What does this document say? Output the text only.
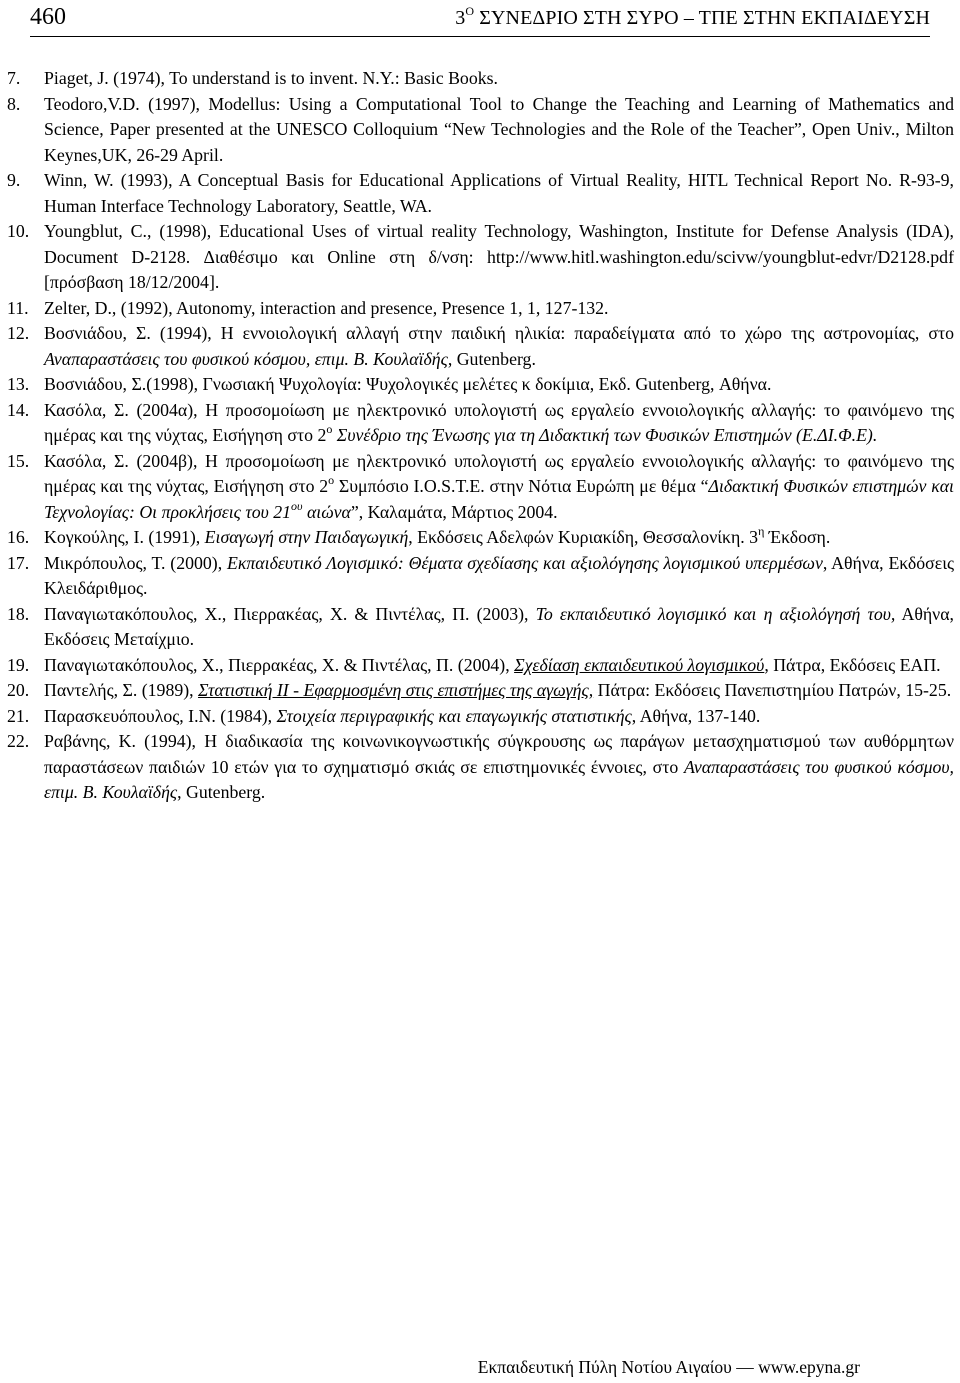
460	$3^O$ ΣΥΝΕΔΡΙΟ ΣΤΗ ΣΥΡΟ – ΤΠΕ ΣΤΗΝ ΕΚΠΑΙΔΕΥΣΗ
7.	Piaget, J. (1974), To understand is to invent. N.Y.: Basic Books.
8.	Teodoro,V.D. (1997), Modellus: Using a Computational Tool to Change the Teaching and Learning of Mathematics and Science, Paper presented at the UNESCO Colloquium “New Technologies and the Role of the Teacher”, Open Univ., Milton Keynes,UK, 26-29 April.
9.	Winn, W. (1993), A Conceptual Basis for Educational Applications of Virtual Reality, HITL Technical Report No. R-93-9, Human Interface Technology Laboratory, Seattle, WA.
10. Youngblut, C., (1998), Educational Uses of virtual reality Technology, Washington, Institute for Defense Analysis (IDA), Document D-2128. Διαθέσιμο και Online στη δ/νση: http://www.hitl.washington.edu/scivw/youngblut-edvr/D2128.pdf [πρόσβαση 18/12/2004].
11. Zelter, D., (1992), Autonomy, interaction and presence, Presence 1, 1, 127-132.
12. Βοσνιάδου, Σ. (1994), Η εννοιολογική αλλαγή στην παιδική ηλικία: παραδείγματα από το χώρο της αστρονομίας, στο Αναπαραστάσεις του φυσικού κόσμου, επιμ. Β. Κουλαϊδής, Gutenberg.
13. Βοσνιάδου, Σ.(1998), Γνωσιακή Ψυχολογία: Ψυχολογικές μελέτες κ δοκίμια, Εκδ. Gutenberg, Αθήνα.
14. Κασόλα, Σ. (2004α), Η προσομοίωση με ηλεκτρονικό υπολογιστή ως εργαλείο εννοιολογικής αλλαγής: το φαινόμενο της ημέρας και της νύχτας, Εισήγηση στο $2^o$ Συνέδριο της Ένωσης για τη Διδακτική των Φυσικών Επιστημών (Ε.ΔΙ.Φ.Ε).
15. Κασόλα, Σ. (2004β), Η προσομοίωση με ηλεκτρονικό υπολογιστή ως εργαλείο εννοιολογικής αλλαγής: το φαινόμενο της ημέρας και της νύχτας, Εισήγηση στο $2^o$ Συμπόσιο I.O.S.T.E. στην Νότια Ευρώπη με θέμα “Διδακτική Φυσικών επιστημών και Τεχνολογίας: Οι προκλήσεις του $21^{o\upsilon}$ αιώνα”, Καλαμάτα, Μάρτιος 2004.
16. Κογκούλης, Ι. (1991), Εισαγωγή στην Παιδαγωγική, Εκδόσεις Αδελφών Κυριακίδη, Θεσσαλονίκη. $3^\eta$ Έκδοση.
17. Μικρόπουλος, Τ. (2000), Εκπαιδευτικό Λογισμικό: Θέματα σχεδίασης και αξιολόγησης λογισμικού υπερμέσων, Αθήνα, Εκδόσεις Κλειδάριθμος.
18. Παναγιωτακόπουλος, Χ., Πιερρακέας, Χ. & Πιντέλας, Π. (2003), Το εκπαιδευτικό λογισμικό και η αξιολόγησή του, Αθήνα, Εκδόσεις Μεταίχμιο.
19. Παναγιωτακόπουλος, Χ., Πιερρακέας, Χ. & Πιντέλας, Π. (2004), Σχεδίαση εκπαιδευτικού λογισμικού, Πάτρα, Εκδόσεις ΕΑΠ.
20. Παντελής, Σ. (1989), Στατιστική ΙΙ - Εφαρμοσμένη στις επιστήμες της αγωγής, Πάτρα: Εκδόσεις Πανεπιστημίου Πατρών, 15-25.
21. Παρασκευόπουλος, Ι.Ν. (1984), Στοιχεία περιγραφικής και επαγωγικής στατιστικής, Αθήνα, 137-140.
22. Ραβάνης, Κ. (1994), Η διαδικασία της κοινωνικογνωστικής σύγκρουσης ως παράγων μετασχηματισμού των αυθόρμητων παραστάσεων παιδιών 10 ετών για το σχηματισμό σκιάς σε επιστημονικές έννοιες, στο Αναπαραστάσεις του φυσικού κόσμου, επιμ. Β. Κουλαϊδής, Gutenberg.
Εκπαιδευτική Πύλη Νοτίου Αιγαίου — www.epyna.gr
